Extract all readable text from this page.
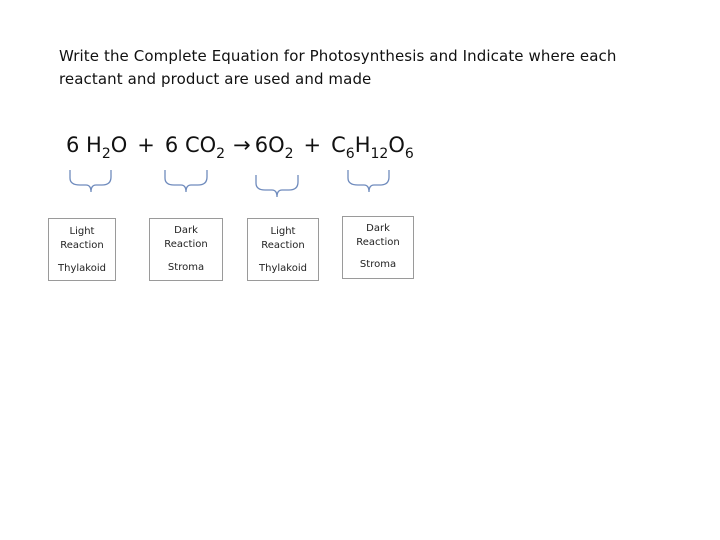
Write the Complete Equation for Photosynthesis and Indicate where each reactant and product are used and made
6 $H_2O + 6$ $CO_2 \to 6O_2 + C_6H_{12}O_6$
Light
Reaction
Thylakoid
Dark
Reaction
Stroma
Light
Reaction
Thylakoid
Dark
Reaction
Stroma
